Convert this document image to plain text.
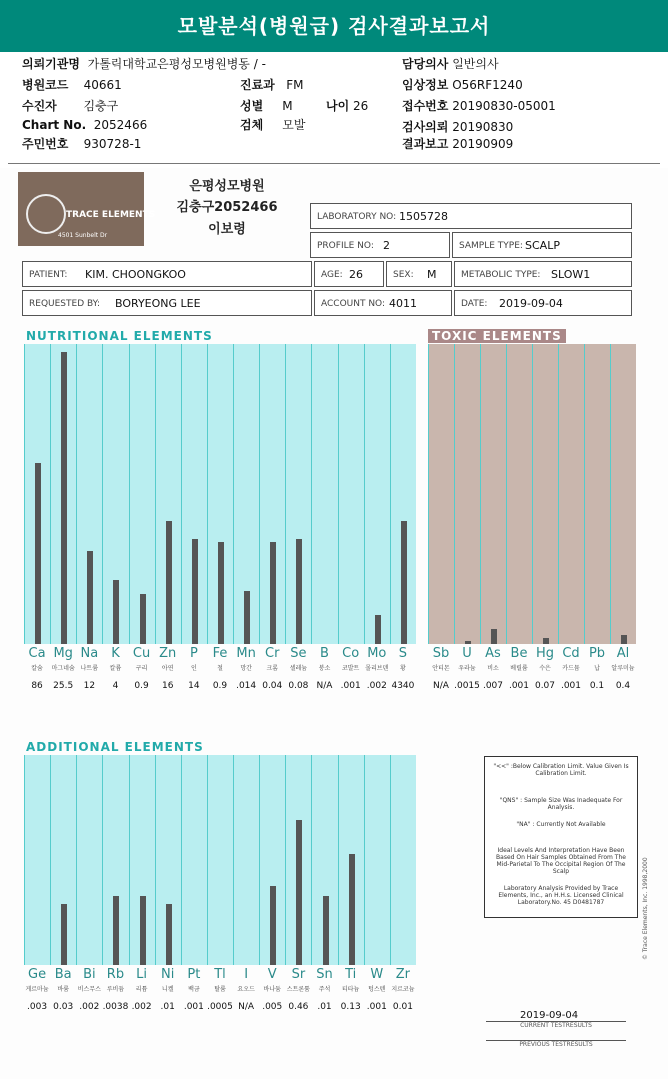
모발분석(병원급) 검사결과보고서
의뢰기관명 가톨릭대학교은평성모병원병동 / -	담당의사 일반의사
병원코드 40661	진료과 FM	임상정보 O56RF1240
수진자 김충구	성별 M	나이 26	접수번호 20190830-05001
Chart No. 2052466	검체 모발	검사의뢰 20190830
주민번호 930728-1	결과보고 20190909
TRACE ELEMENTS
4501 Sunbelt Dr
은평성모병원
김충구2052466
이보령
LABORATORY NO: 1505728
PROFILE NO: 2	SAMPLE TYPE: SCALP
PATIENT: KIM. CHOONGKOO	AGE: 26	SEX: M	METABOLIC TYPE: SLOW1
REQUESTED BY: BORYEONG LEE	ACCOUNT NO: 4011	DATE: 2019-09-04
NUTRITIONAL ELEMENTS	TOXIC ELEMENTS
ADDITIONAL ELEMENTS
"<<" :Below Calibration Limit. Value Given Is Calibration Limit.
"QNS" : Sample Size Was Inadequate For Analysis.
"NA" : Currently Not Available
Ideal Levels And Interpretation Have Been Based On Hair Samples Obtained From The Mid-Parietal To The Occipital Region Of The Scalp
Laboratory Analysis Provided by Trace Elements, Inc., an H.H.s. Licensed Clinical Laboratory.No. 45 D0481787
2019-09-04
CURRENT TESTRESULTS
PREVIOUS TESTRESULTS
© Trace Elements, Inc. 1998,2000
Ca
칼슘
86
Mg
마그네슘
25.5
Na
나트륨
12
K
칼륨
4
Cu
구리
0.9
Zn
아연
16
P
인
14
Fe
철
0.9
Mn
망간
.014
Cr
크롬
0.04
Se
셀레늄
0.08
B
붕소
N/A
Co
코발트
.001
Mo
몰리브덴
.002
S
황
4340
Sb
안티몬
N/A
U
우라늄
.0015
As
비소
.007
Be
베릴륨
.001
Hg
수은
0.07
Cd
카드뮴
.001
Pb
납
0.1
Al
알루미늄
0.4
Ge
게르마늄
.003
Ba
바륨
0.03
Bi
비스무스
.002
Rb
루비듐
.0038
Li
리튬
.002
Ni
니켈
.01
Pt
백금
.001
Tl
탈륨
.0005
I
요오드
N/A
V
바나듐
.005
Sr
스트론튬
0.46
Sn
주석
.01
Ti
티타늄
0.13
W
텅스텐
.001
Zr
지르코늄
0.01
